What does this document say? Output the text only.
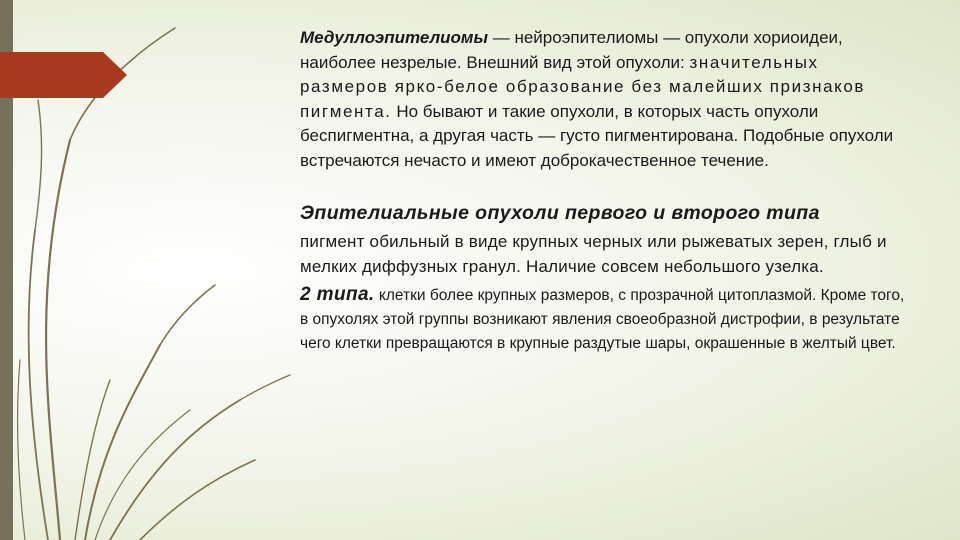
Медуллоэпителиомы — нейроэпителиомы — опухоли хориоидеи, наиболее незрелые. Внешний вид этой опухоли: значительных размеров ярко-белое образование без малейших признаков пигмента. Но бывают и такие опухоли, в которых часть опухоли беспигментна, а другая часть — густо пигментирована. Подобные опухоли встречаются нечасто и имеют доброкачественное течение.

Эпителиальные опухоли первого и второго типа

пигмент обильный в виде крупных черных или рыжеватых зерен, глыб и мелких диффузных гранул. Наличие совсем небольшого узелка.

2 типа. клетки более крупных размеров, с прозрачной цитоплазмой. Кроме того, в опухолях этой группы возникают явления своеобразной дистрофии, в результате чего клетки превращаются в крупные раздутые шары, окрашенные в желтый цвет.
